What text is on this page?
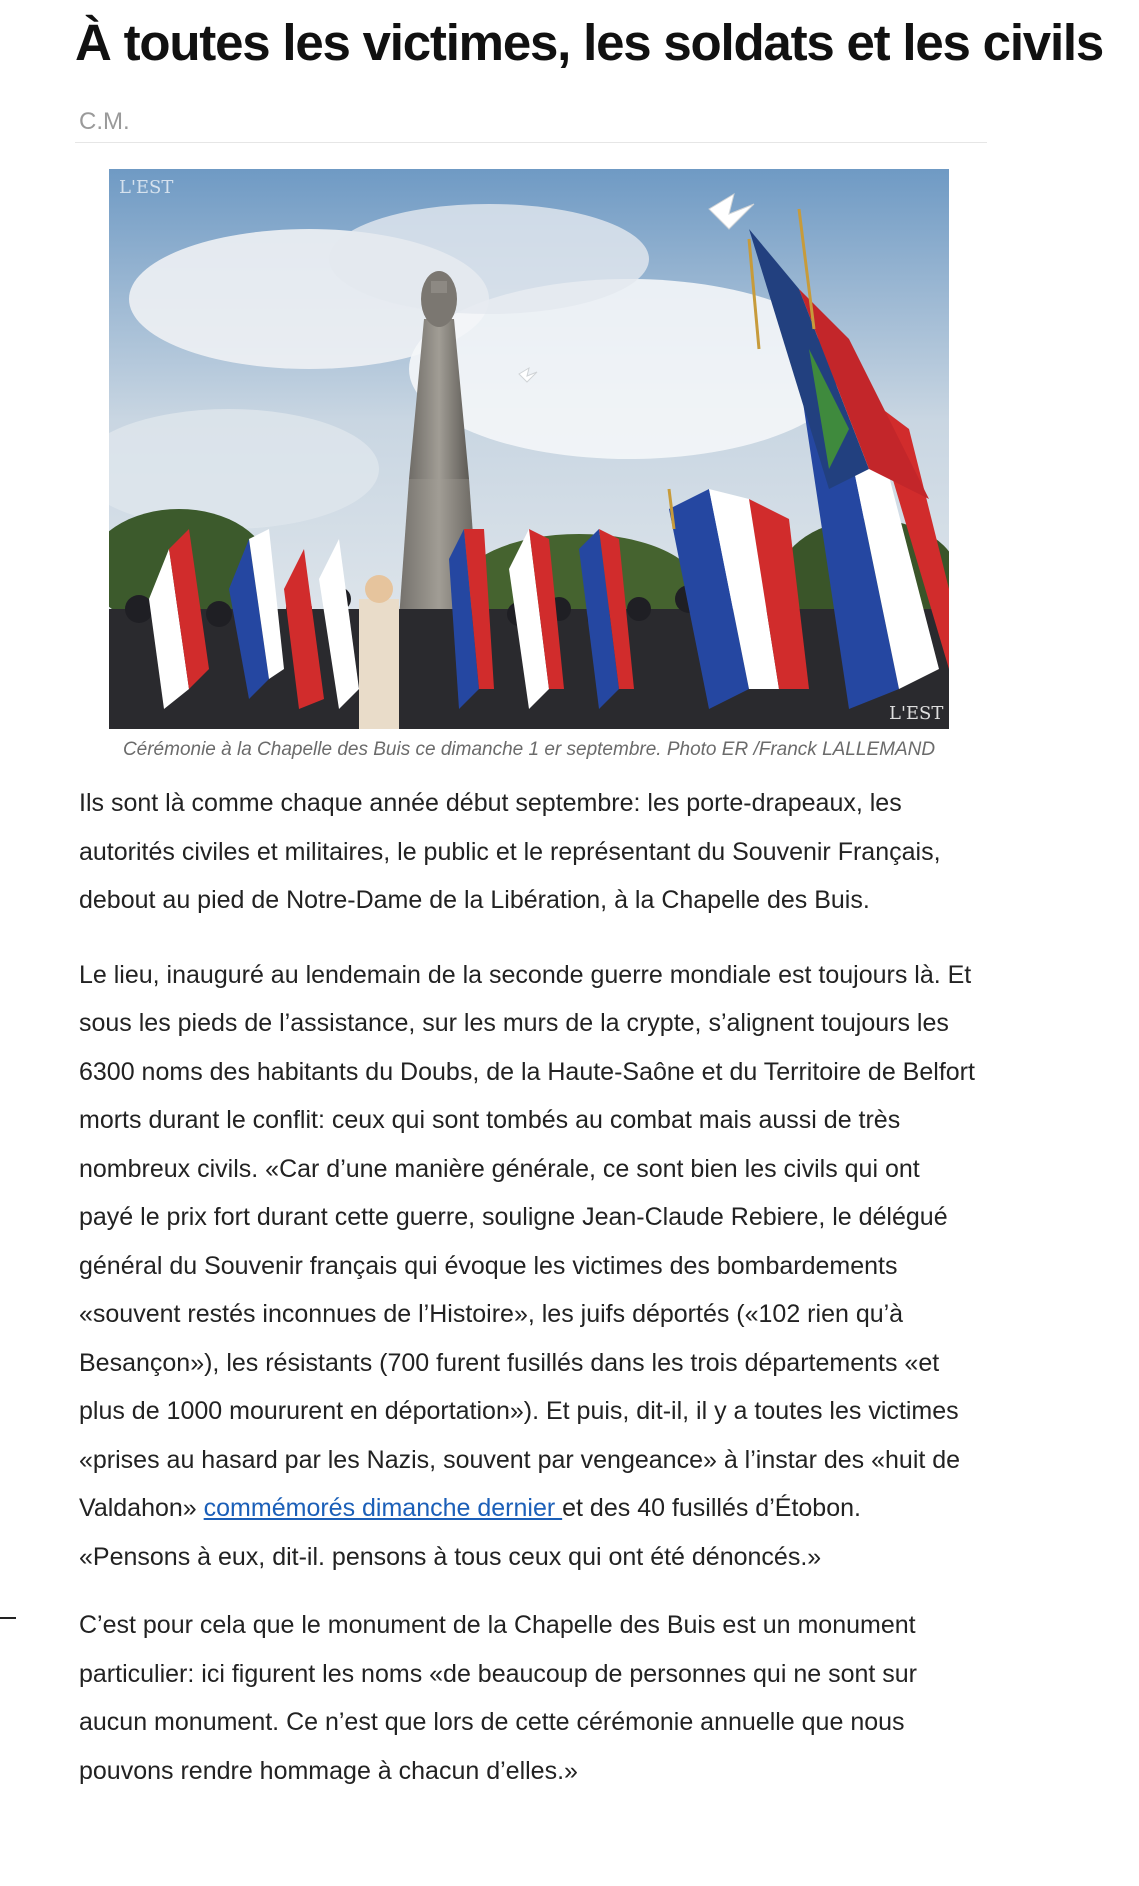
À toutes les victimes, les soldats et les civils
C.M.
L'EST
L'EST
Cérémonie à la Chapelle des Buis ce dimanche 1 er septembre. Photo ER /Franck LALLEMAND

Ils sont là comme chaque année début septembre: les porte-drapeaux, les autorités civiles et militaires, le public et le représentant du Souvenir Français, debout au pied de Notre-Dame de la Libération, à la Chapelle des Buis.

Le lieu, inauguré au lendemain de la seconde guerre mondiale est toujours là. Et sous les pieds de l’assistance, sur les murs de la crypte, s’alignent toujours les 6300 noms des habitants du Doubs, de la Haute-Saône et du Territoire de Belfort morts durant le conflit: ceux qui sont tombés au combat mais aussi de très nombreux civils. «Car d’une manière générale, ce sont bien les civils qui ont payé le prix fort durant cette guerre, souligne Jean-Claude Rebiere, le délégué général du Souvenir français qui évoque les victimes des bombardements «souvent restés inconnues de l’Histoire», les juifs déportés («102 rien qu’à Besançon»), les résistants (700 furent fusillés dans les trois départements «et plus de 1000 moururent en déportation»). Et puis, dit-il, il y a toutes les victimes «prises au hasard par les Nazis, souvent par vengeance» à l’instar des «huit de Valdahon» commémorés dimanche dernier et des 40 fusillés d’Étobon. «Pensons à eux, dit-il. pensons à tous ceux qui ont été dénoncés.»

C’est pour cela que le monument de la Chapelle des Buis est un monument particulier: ici figurent les noms «de beaucoup de personnes qui ne sont sur aucun monument. Ce n’est que lors de cette cérémonie annuelle que nous pouvons rendre hommage à chacun d’elles.»
